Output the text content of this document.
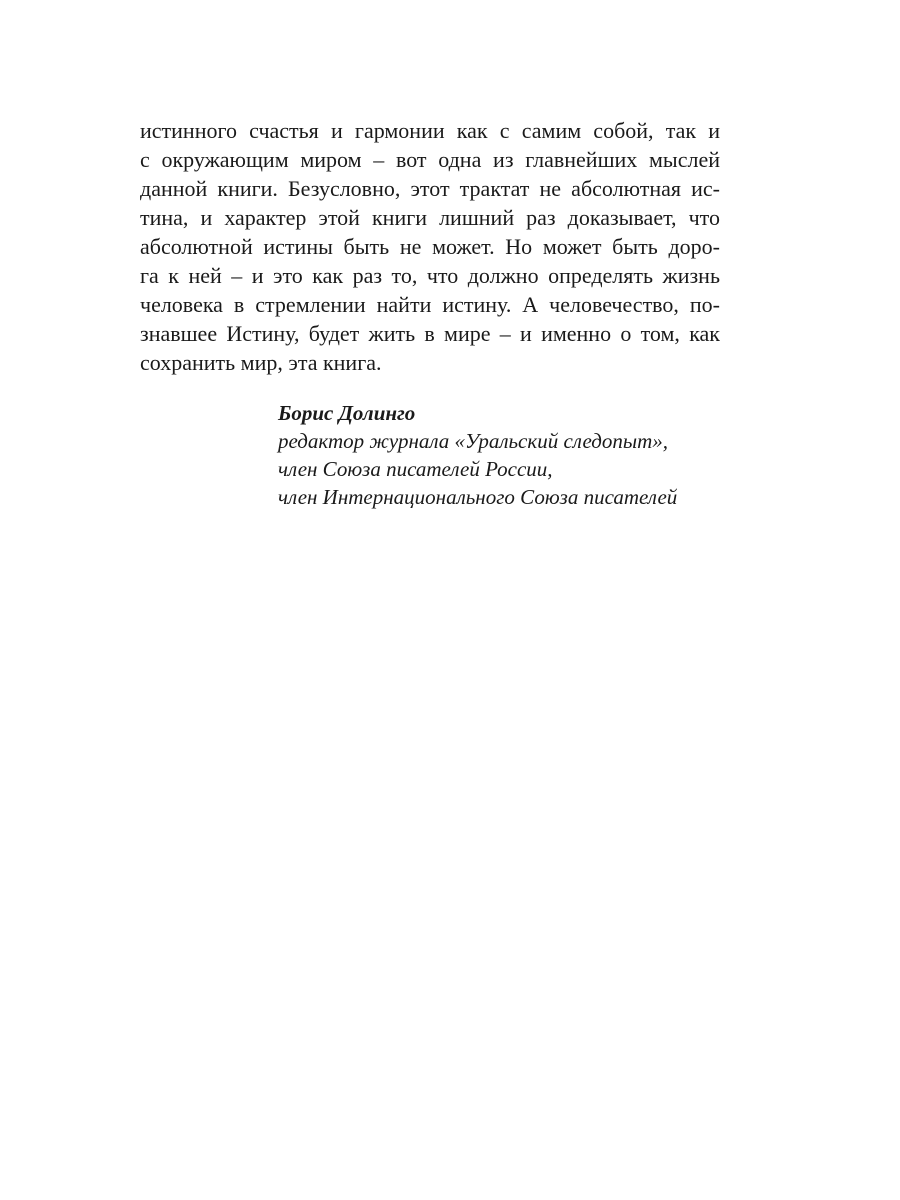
истинного счастья и гармонии как с самим собой, так и
с окружающим миром – вот одна из главнейших мыслей
данной книги. Безусловно, этот трактат не абсолютная ис-
тина, и характер этой книги лишний раз доказывает, что
абсолютной истины быть не может. Но может быть доро-
га к ней – и это как раз то, что должно определять жизнь
человека в стремлении найти истину. А человечество, по-
знавшее Истину, будет жить в мире – и именно о том, как
сохранить мир, эта книга.
Борис Долинго
редактор журнала «Уральский следопыт»,
член Союза писателей России,
член Интернационального Союза писателей
